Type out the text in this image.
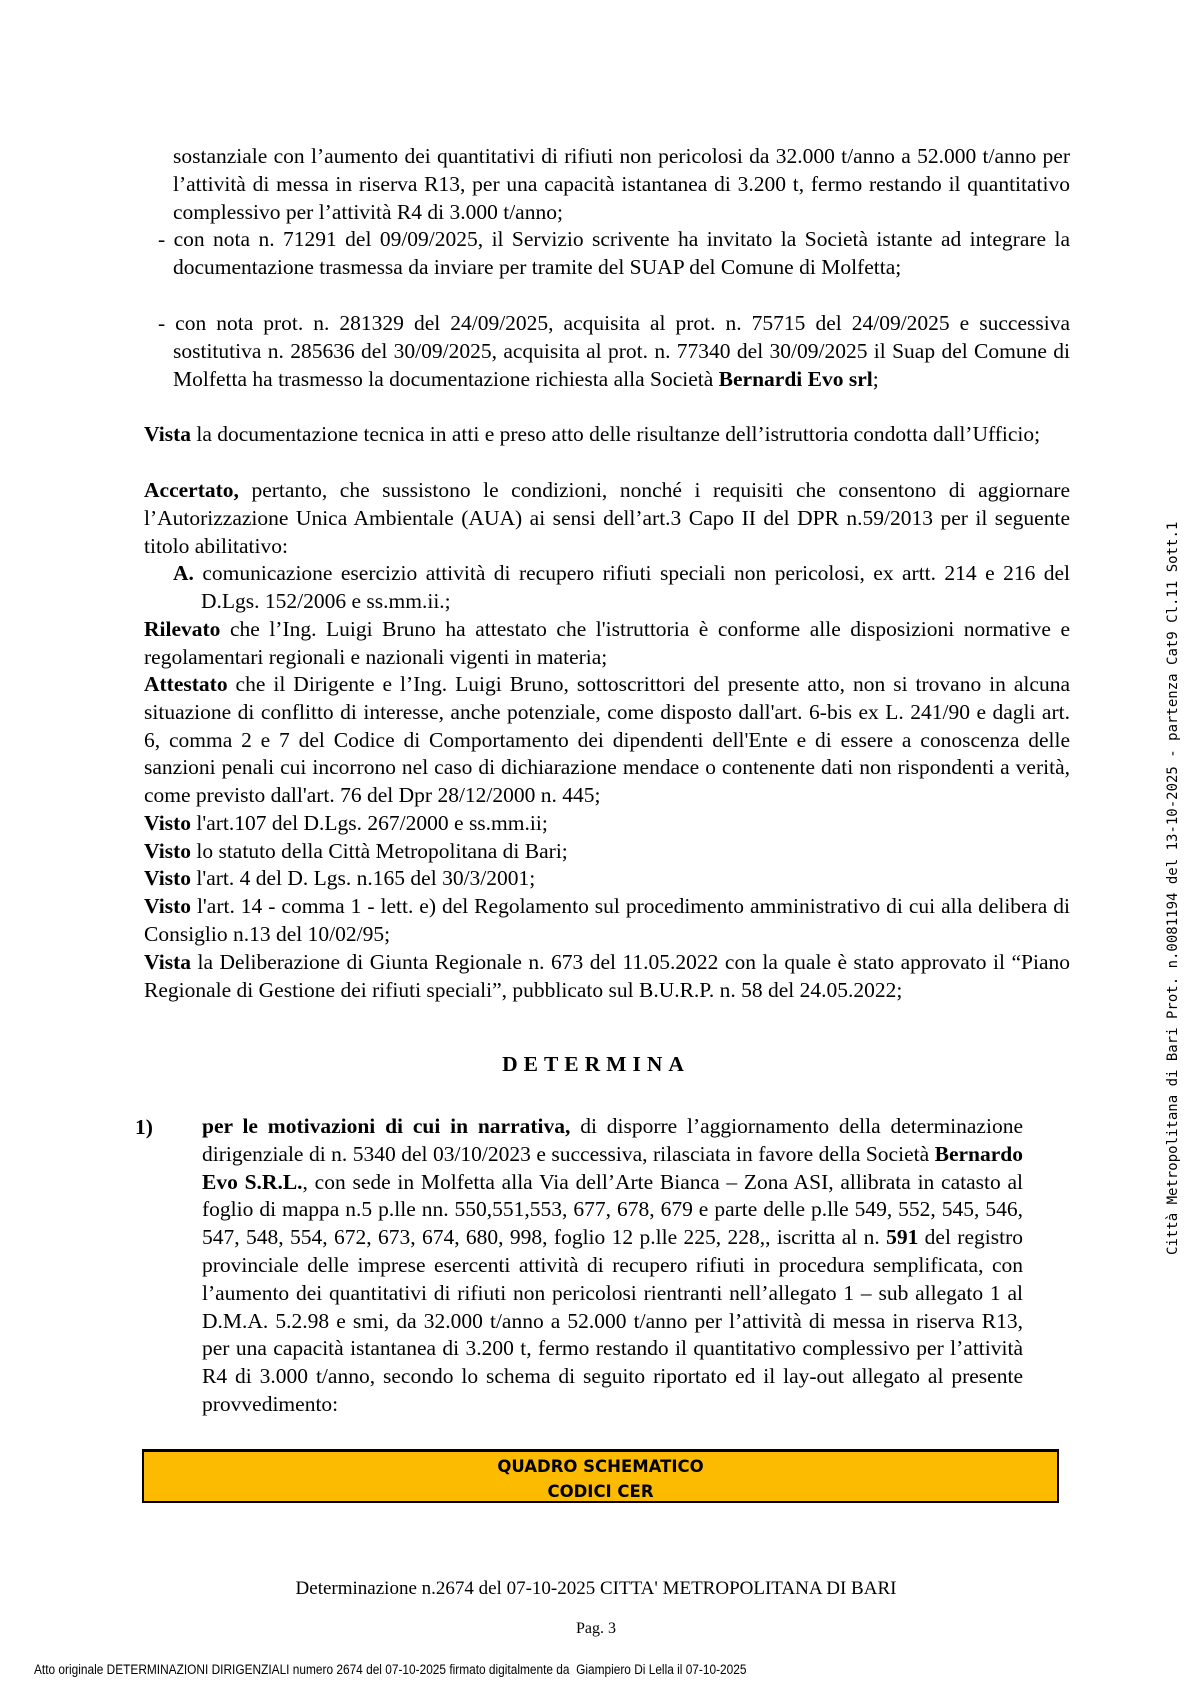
sostanziale con l’aumento dei quantitativi di rifiuti non pericolosi da 32.000 t/anno a 52.000 t/anno per l’attività di messa in riserva R13, per una capacità istantanea di 3.200 t, fermo restando il quantitativo complessivo per l’attività R4 di 3.000 t/anno;
- con nota n. 71291 del 09/09/2025, il Servizio scrivente ha invitato la Società istante ad integrare la documentazione trasmessa da inviare per tramite del SUAP del Comune di Molfetta;
- con nota prot. n. 281329 del 24/09/2025, acquisita al prot. n. 75715 del 24/09/2025 e successiva sostitutiva n. 285636 del 30/09/2025, acquisita al prot. n. 77340 del 30/09/2025 il Suap del Comune di Molfetta ha trasmesso la documentazione richiesta alla Società Bernardi Evo srl;
Vista la documentazione tecnica in atti e preso atto delle risultanze dell’istruttoria condotta dall’Ufficio;
Accertato, pertanto, che sussistono le condizioni, nonché i requisiti che consentono di aggiornare l’Autorizzazione Unica Ambientale (AUA) ai sensi dell’art.3 Capo II del DPR n.59/2013 per il seguente titolo abilitativo:
A. comunicazione esercizio attività di recupero rifiuti speciali non pericolosi, ex artt. 214 e 216 del D.Lgs. 152/2006 e ss.mm.ii.;
Rilevato che l’Ing. Luigi Bruno ha attestato che l'istruttoria è conforme alle disposizioni normative e regolamentari regionali e nazionali vigenti in materia;
Attestato che il Dirigente e l’Ing. Luigi Bruno, sottoscrittori del presente atto, non si trovano in alcuna situazione di conflitto di interesse, anche potenziale, come disposto dall'art. 6-bis ex L. 241/90 e dagli art. 6, comma 2 e 7 del Codice di Comportamento dei dipendenti dell'Ente e di essere a conoscenza delle sanzioni penali cui incorrono nel caso di dichiarazione mendace o contenente dati non rispondenti a verità, come previsto dall'art. 76 del Dpr 28/12/2000 n. 445;
Visto l'art.107 del D.Lgs. 267/2000 e ss.mm.ii;
Visto lo statuto della Città Metropolitana di Bari;
Visto l'art. 4 del D. Lgs. n.165 del 30/3/2001;
Visto l'art. 14 - comma 1 - lett. e) del Regolamento sul procedimento amministrativo di cui alla delibera di    Consiglio n.13 del 10/02/95;
Vista la Deliberazione di Giunta Regionale n. 673 del 11.05.2022 con la quale è stato approvato il “Piano Regionale di Gestione dei rifiuti speciali”, pubblicato sul B.U.R.P. n. 58 del 24.05.2022;
DETERMINA
1) per le motivazioni di cui in narrativa, di disporre l’aggiornamento della determinazione dirigenziale di n. 5340 del 03/10/2023 e successiva, rilasciata in favore della Società Bernardo Evo S.R.L., con sede in Molfetta alla Via dell’Arte Bianca – Zona ASI, allibrata in catasto al foglio di mappa n.5 p.lle nn. 550,551,553, 677, 678, 679 e parte delle p.lle 549, 552, 545, 546, 547, 548, 554, 672, 673, 674, 680, 998, foglio 12 p.lle 225, 228,, iscritta al n. 591 del registro provinciale delle imprese esercenti attività di recupero rifiuti in procedura semplificata, con l’aumento dei quantitativi di rifiuti non pericolosi rientranti nell’allegato 1 – sub allegato 1 al D.M.A. 5.2.98 e smi, da 32.000 t/anno a 52.000 t/anno per l’attività di messa in riserva R13, per una capacità istantanea di 3.200 t, fermo restando il quantitativo complessivo per l’attività R4 di 3.000 t/anno, secondo lo schema di seguito riportato ed il lay-out allegato al presente provvedimento:
QUADRO SCHEMATICO
CODICI CER
Determinazione n.2674 del 07-10-2025 CITTA' METROPOLITANA DI BARI
Pag. 3
Atto originale DETERMINAZIONI DIRIGENZIALI numero 2674 del 07-10-2025 firmato digitalmente da  Giampiero Di Lella il 07-10-2025
Città Metropolitana di Bari Prot. n.0081194 del 13-10-2025 - partenza Cat9 Cl.11 Sott.1
